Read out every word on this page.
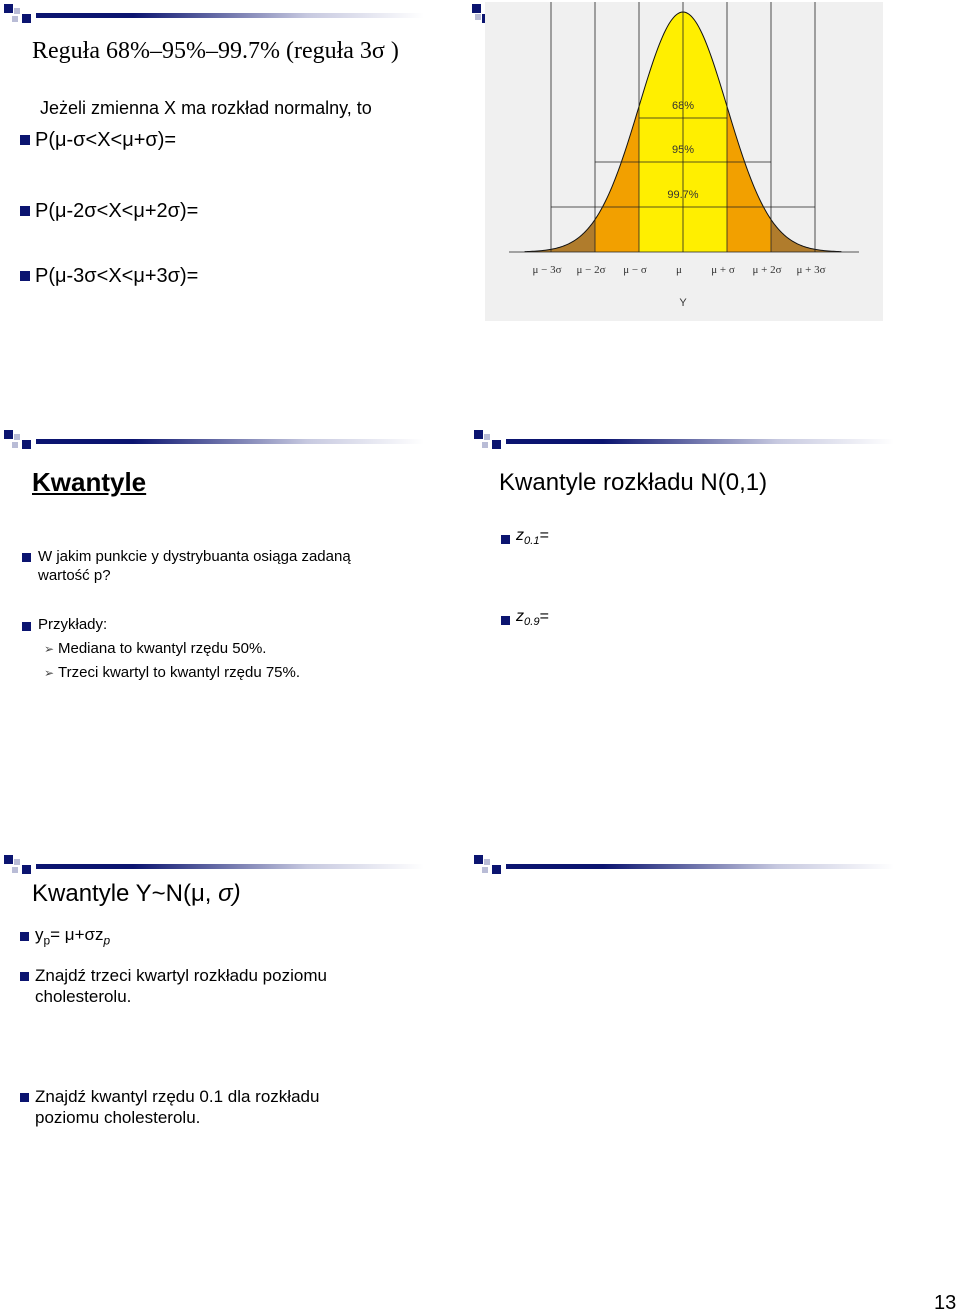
Reguła 68%–95%–99.7% (reguła 3σ )
Jeżeli zmienna X ma rozkład normalny, to
P(μ-σ<X<μ+σ)=
P(μ-2σ<X<μ+2σ)=
P(μ-3σ<X<μ+3σ)=
68%
95%
99.7%
μ − 3σ μ − 2σ μ − σ	μ	μ + σ μ + 2σ μ + 3σ
Y
Kwantyle
W jakim punkcie y dystrybuanta osiąga zadaną wartość p?
Przykłady:
➢ Mediana to kwantyl rzędu 50%.
➢ Trzeci kwartyl to kwantyl rzędu 75%.
Kwantyle rozkładu N(0,1)
$z_{0.1}=$
$z_{0.9}=$
Kwantyle Y~N(μ, σ)
$y_p= \mu+\sigma z_p$
Znajdź trzeci kwartyl rozkładu poziomu cholesterolu.
Znajdź kwantyl rzędu 0.1 dla rozkładu poziomu cholesterolu.
13
